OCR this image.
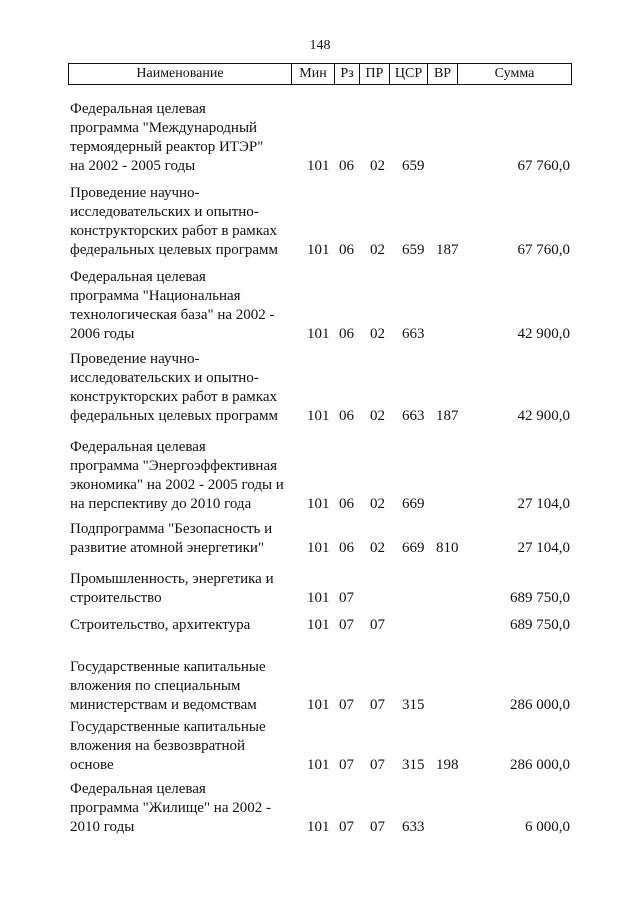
148
Наименование	Мин Рз ПР ЦСР ВР	Сумма
Федеральная целевая
программа "Международный
термоядерный реактор ИТЭР"
на 2002 - 2005 годы	101 06 02 659	67 760,0
Проведение научно-
исследовательских и опытно-
конструкторских работ в рамках
федеральных целевых программ	101 06 02 659 187	67 760,0
Федеральная целевая
программа "Национальная
технологическая база" на 2002 -
2006 годы	101 06 02 663	42 900,0
Проведение научно-
исследовательских и опытно-
конструкторских работ в рамках
федеральных целевых программ	101 06 02 663 187	42 900,0
Федеральная целевая
программа "Энергоэффективная
экономика" на 2002 - 2005 годы и
на перспективу до 2010 года	101 06 02 669	27 104,0
Подпрограмма "Безопасность и
развитие атомной энергетики"	101 06 02 669 810	27 104,0
Промышленность, энергетика и
строительство	101 07	689 750,0
Строительство, архитектура	101 07 07	689 750,0
Государственные капитальные
вложения по специальным
министерствам и ведомствам	101 07 07 315	286 000,0
Государственные капитальные
вложения на безвозвратной
основе	101 07 07 315 198	286 000,0
Федеральная целевая
программа "Жилище" на 2002 -
2010 годы	101 07 07 633	6 000,0
